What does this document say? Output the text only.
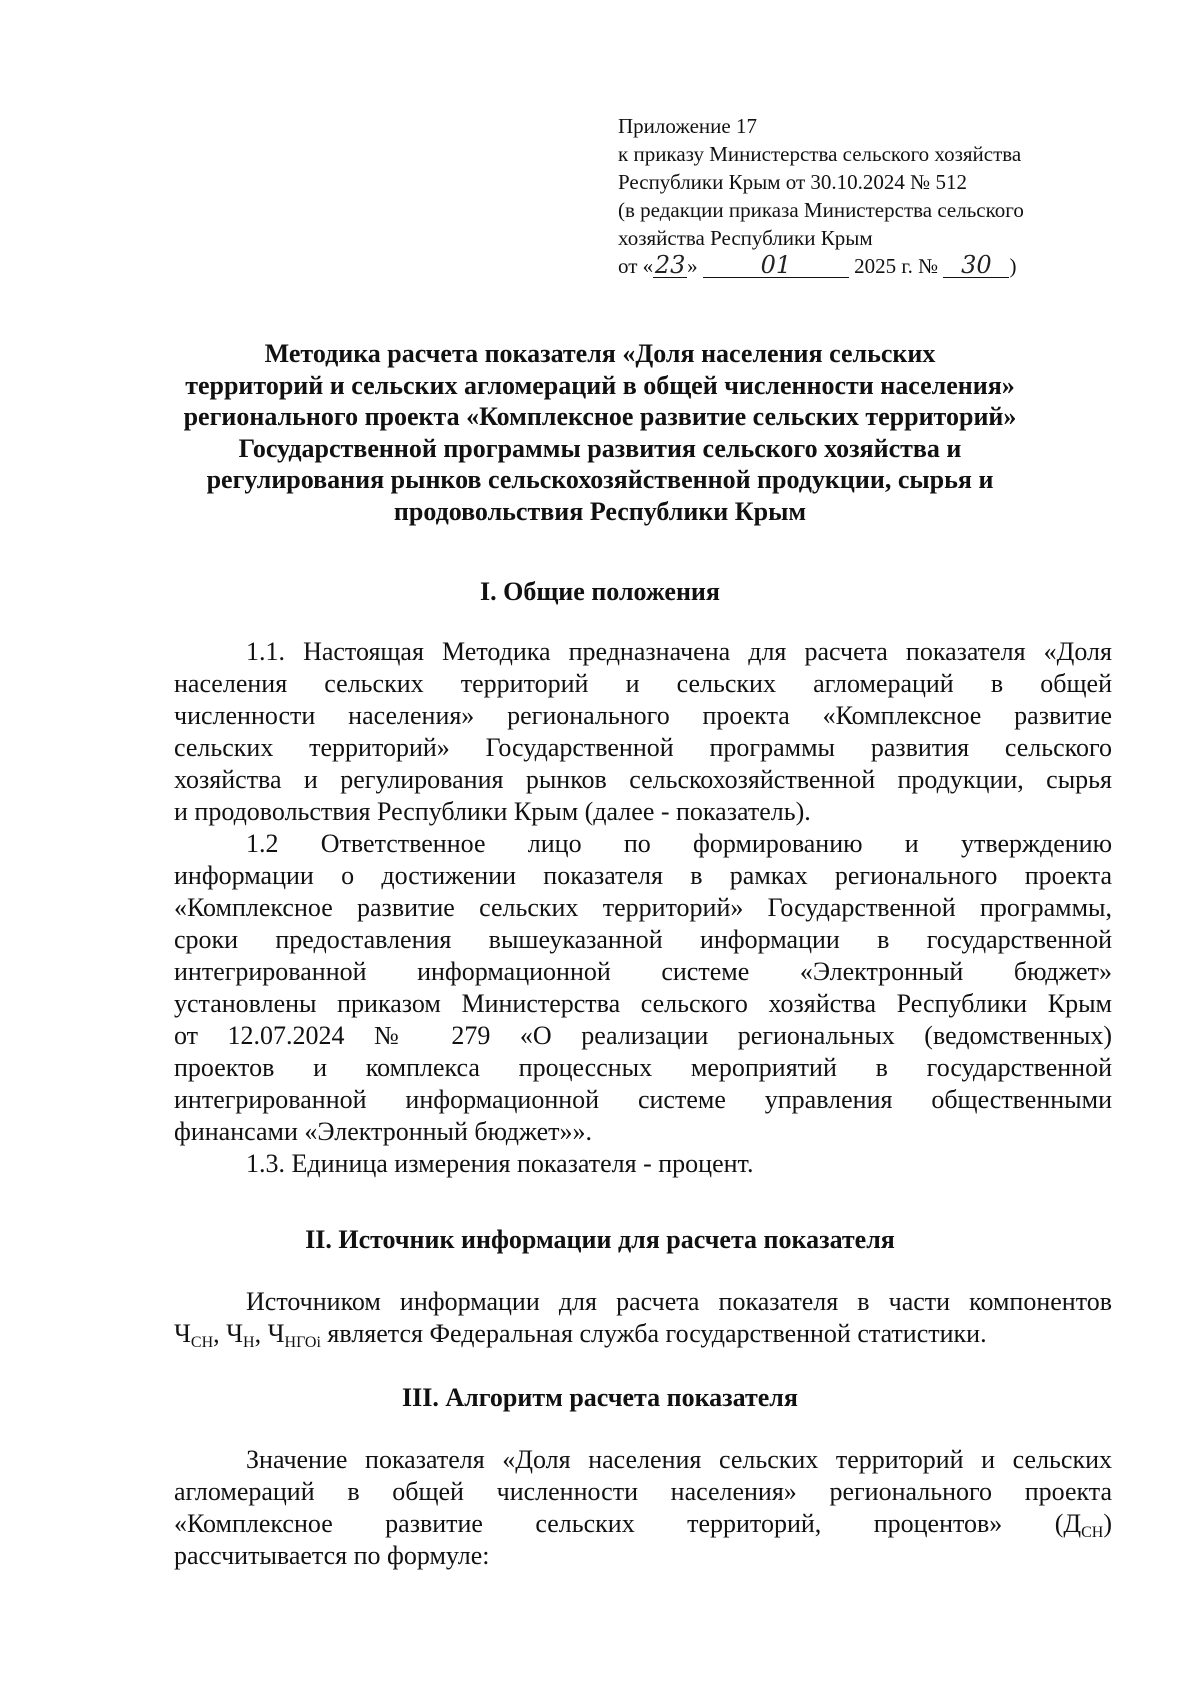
Приложение 17
к приказу Министерства сельского хозяйства
Республики Крым от 30.10.2024 № 512
(в редакции приказа Министерства сельского
хозяйства Республики Крым
от «23»	01	2025 г. № 30 )
Методика расчета показателя «Доля населения сельских
территорий и сельских агломераций в общей численности населения»
регионального проекта «Комплексное развитие сельских территорий»
Государственной программы развития сельского хозяйства и
регулирования рынков сельскохозяйственной продукции, сырья и
продовольствия Республики Крым
I. Общие положения
1.1. Настоящая Методика предназначена для расчета показателя «Доля
населения сельских территорий и сельских агломераций в общей
численности населения» регионального проекта «Комплексное развитие
сельских территорий» Государственной программы развития сельского
хозяйства и регулирования рынков сельскохозяйственной продукции, сырья
и продовольствия Республики Крым (далее - показатель).
1.2 Ответственное лицо по формированию и утверждению
информации о достижении показателя в рамках регионального проекта
«Комплексное развитие сельских территорий» Государственной программы,
сроки предоставления вышеуказанной информации в государственной
интегрированной информационной системе «Электронный бюджет»
установлены приказом Министерства сельского хозяйства Республики Крым
от 12.07.2024 № 279 «О реализации региональных (ведомственных)
проектов и комплекса процессных мероприятий в государственной
интегрированной информационной системе управления общественными
финансами «Электронный бюджет»».
1.3. Единица измерения показателя - процент.
II. Источник информации для расчета показателя
Источником информации для расчета показателя в части компонентов
$Ч_{СН}$, $Ч_Н$, $Ч_{НГОi}$ является Федеральная служба государственной статистики.
III. Алгоритм расчета показателя
Значение показателя «Доля населения сельских территорий и сельских
агломераций в общей численности населения» регионального проекта
«Комплексное развитие сельских территорий, процентов» $(Д_{СН})$
рассчитывается по формуле:
